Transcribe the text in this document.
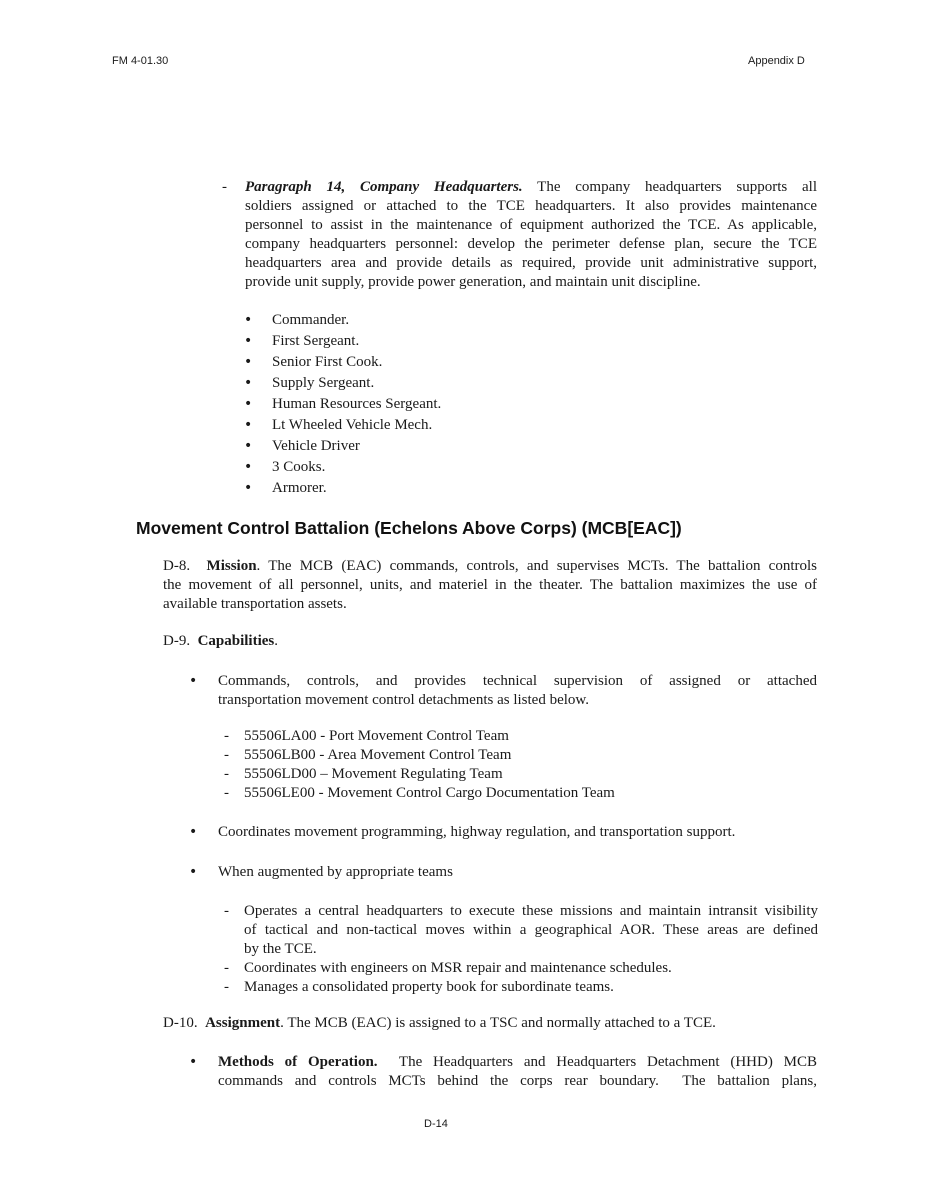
FM 4-01.30	Appendix D
- Paragraph 14, Company Headquarters. The company headquarters supports all
soldiers assigned or attached to the TCE headquarters. It also provides maintenance
personnel to assist in the maintenance of equipment authorized the TCE. As applicable,
company headquarters personnel: develop the perimeter defense plan, secure the TCE
headquarters area and provide details as required, provide unit administrative support,
provide unit supply, provide power generation, and maintain unit discipline.
• Commander.
• First Sergeant.
• Senior First Cook.
• Supply Sergeant.
• Human Resources Sergeant.
• Lt Wheeled Vehicle Mech.
• Vehicle Driver
• 3 Cooks.
• Armorer.
Movement Control Battalion (Echelons Above Corps) (MCB[EAC])
D-8. Mission. The MCB (EAC) commands, controls, and supervises MCTs. The battalion controls
the movement of all personnel, units, and materiel in the theater. The battalion maximizes the use of
available transportation assets.
D-9. Capabilities.
• Commands,   controls,   and   provides   technical   supervision   of   assigned   or   attached
transportation movement control detachments as listed below.
- 55506LA00 - Port Movement Control Team
- 55506LB00 - Area Movement Control Team
- 55506LD00 – Movement Regulating Team
- 55506LE00 - Movement Control Cargo Documentation Team
• Coordinates movement programming, highway regulation, and transportation support.
• When augmented by appropriate teams
- Operates a central headquarters to execute these missions and maintain intransit visibility
of tactical and non-tactical moves within a geographical AOR. These areas are defined
by the TCE.
- Coordinates with engineers on MSR repair and maintenance schedules.
- Manages a consolidated property book for subordinate teams.
D-10. Assignment. The MCB (EAC) is assigned to a TSC and normally attached to a TCE.
• Methods of Operation. The Headquarters and Headquarters Detachment (HHD) MCB
commands  and  controls  MCTs  behind  the  corps  rear  boundary.    The  battalion  plans,
D-14
